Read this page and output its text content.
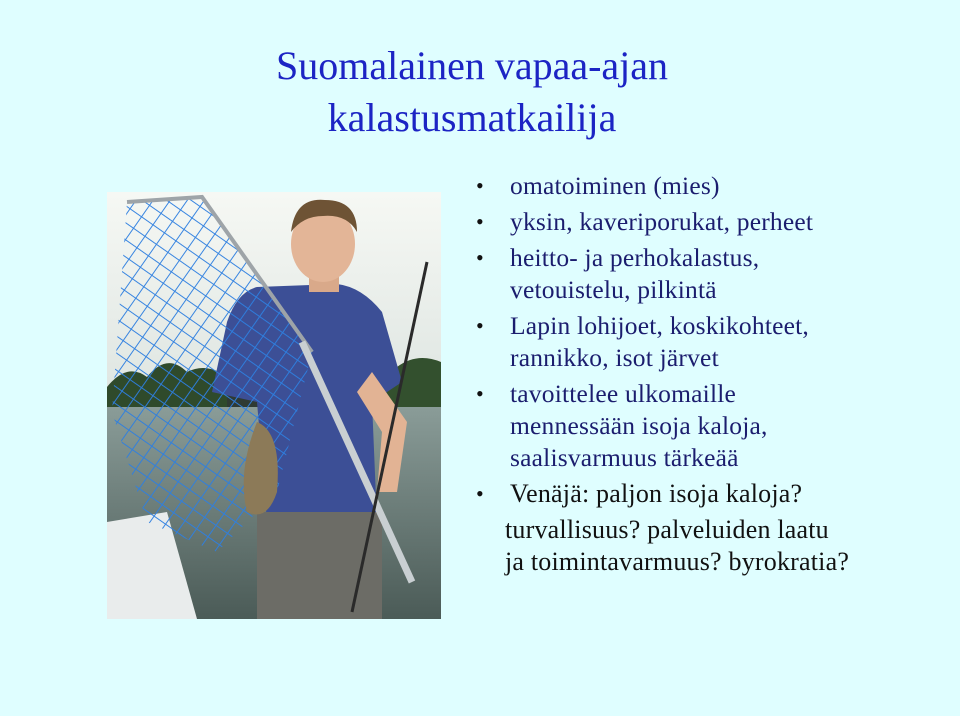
Suomalainen vapaa-ajan
kalastusmatkailija
• omatoiminen (mies)
• yksin, kaveriporukat, perheet
• heitto- ja perhokalastus,
vetouistelu, pilkintä
• Lapin lohijoet, koskikohteet,
rannikko, isot järvet
• tavoittelee ulkomaille
mennessään isoja kaloja,
saalisvarmuus tärkeää
• Venäjä: paljon isoja kaloja?
turvallisuus? palveluiden laatu
ja toimintavarmuus? byrokratia?
